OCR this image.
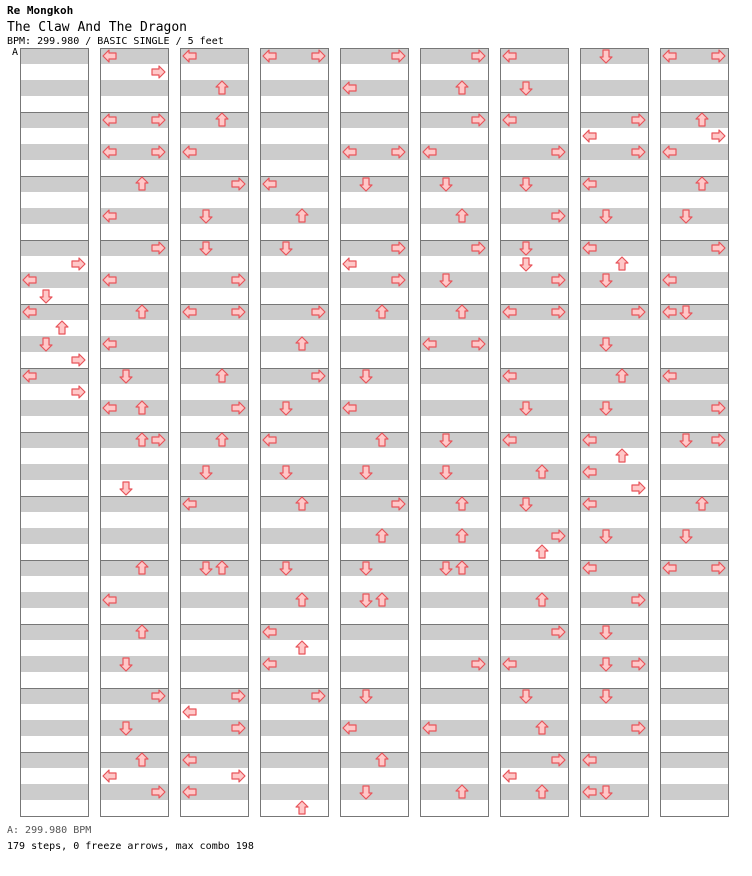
Re Mongkoh
The Claw And The Dragon
BPM: 299.980 / BASIC SINGLE / 5 feet
A
A: 299.980 BPM
179 steps, 0 freeze arrows, max combo 198
